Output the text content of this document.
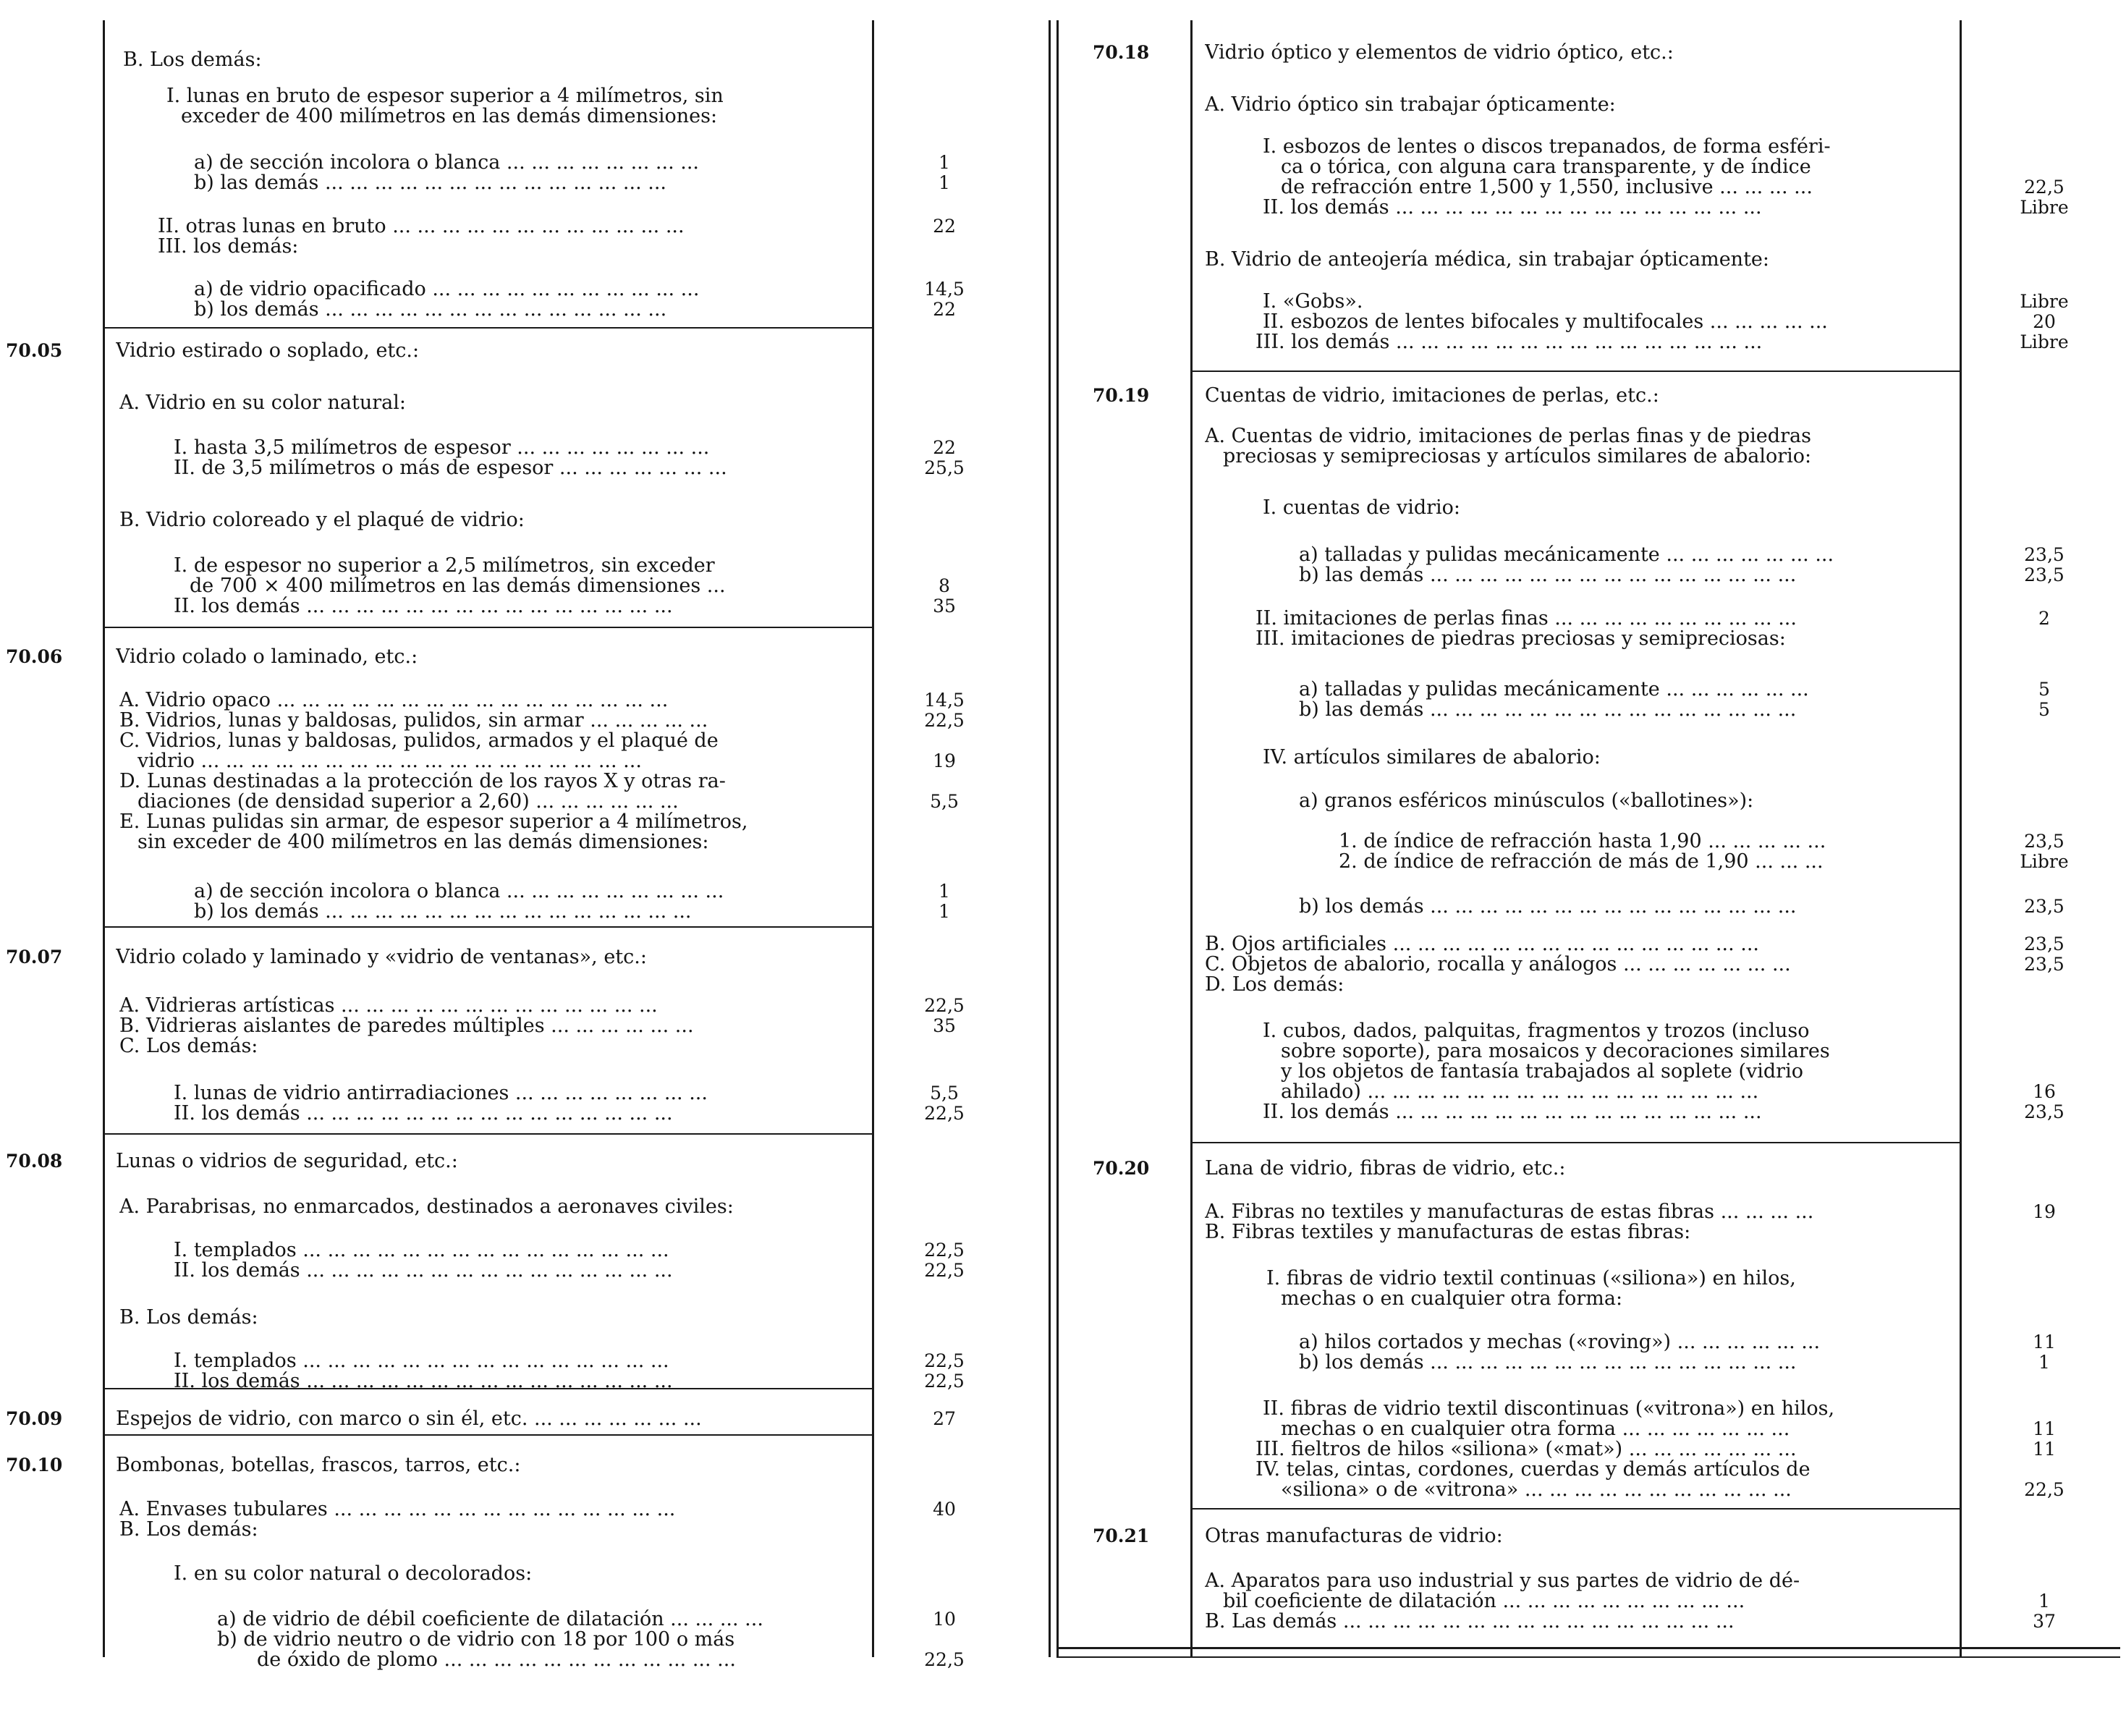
B. Los demás:
I. lunas en bruto de espesor superior a 4 milímetros, sin
exceder de 400 milímetros en las demás dimensiones:
a) de sección incolora o blanca ... ... ... ... ... ... ... ...	1
b) las demás ... ... ... ... ... ... ... ... ... ... ... ... ... ...	1
II. otras lunas en bruto ... ... ... ... ... ... ... ... ... ... ... ...	22
III. los demás:
a) de vidrio opacificado ... ... ... ... ... ... ... ... ... ... ...	14,5
b) los demás ... ... ... ... ... ... ... ... ... ... ... ... ... ...	22
70.05	Vidrio estirado o soplado, etc.:
A. Vidrio en su color natural:
I. hasta 3,5 milímetros de espesor ... ... ... ... ... ... ... ...	22
II. de 3,5 milímetros o más de espesor ... ... ... ... ... ... ...	25,5
B. Vidrio coloreado y el plaqué de vidrio:
I. de espesor no superior a 2,5 milímetros, sin exceder
de 700 × 400 milímetros en las demás dimensiones ...	8
II. los demás ... ... ... ... ... ... ... ... ... ... ... ... ... ... ...	35
70.06	Vidrio colado o laminado, etc.:
A. Vidrio opaco ... ... ... ... ... ... ... ... ... ... ... ... ... ... ... ...	14,5
B. Vidrios, lunas y baldosas, pulidos, sin armar ... ... ... ... ...	22,5
C. Vidrios, lunas y baldosas, pulidos, armados y el plaqué de
vidrio ... ... ... ... ... ... ... ... ... ... ... ... ... ... ... ... ... ...	19
D. Lunas destinadas a la protección de los rayos X y otras ra-
diaciones (de densidad superior a 2,60) ... ... ... ... ... ...	5,5
E. Lunas pulidas sin armar, de espesor superior a 4 milímetros,
sin exceder de 400 milímetros en las demás dimensiones:
a) de sección incolora o blanca ... ... ... ... ... ... ... ... ...	1
b) los demás ... ... ... ... ... ... ... ... ... ... ... ... ... ... ...	1
70.07	Vidrio colado y laminado y «vidrio de ventanas», etc.:
A. Vidrieras artísticas ... ... ... ... ... ... ... ... ... ... ... ... ...	22,5
B. Vidrieras aislantes de paredes múltiples ... ... ... ... ... ...	35
C. Los demás:
I. lunas de vidrio antirradiaciones ... ... ... ... ... ... ... ...	5,5
II. los demás ... ... ... ... ... ... ... ... ... ... ... ... ... ... ...	22,5
70.08	Lunas o vidrios de seguridad, etc.:
A. Parabrisas, no enmarcados, destinados a aeronaves civiles:
I. templados ... ... ... ... ... ... ... ... ... ... ... ... ... ... ...	22,5
II. los demás ... ... ... ... ... ... ... ... ... ... ... ... ... ... ...	22,5
B. Los demás:
I. templados ... ... ... ... ... ... ... ... ... ... ... ... ... ... ...	22,5
II. los demás ... ... ... ... ... ... ... ... ... ... ... ... ... ... ...	22,5
70.09	Espejos de vidrio, con marco o sin él, etc. ... ... ... ... ... ... ...	27
70.10	Bombonas, botellas, frascos, tarros, etc.:
A. Envases tubulares ... ... ... ... ... ... ... ... ... ... ... ... ... ...	40
B. Los demás:
I. en su color natural o decolorados:
a) de vidrio de débil coeficiente de dilatación ... ... ... ...	10
b) de vidrio neutro o de vidrio con 18 por 100 o más
de óxido de plomo ... ... ... ... ... ... ... ... ... ... ... ...	22,5
70.18	Vidrio óptico y elementos de vidrio óptico, etc.:
A. Vidrio óptico sin trabajar ópticamente:
I. esbozos de lentes o discos trepanados, de forma esféri-
ca o tórica, con alguna cara transparente, y de índice
de refracción entre 1,500 y 1,550, inclusive ... ... ... ...	22,5
II. los demás ... ... ... ... ... ... ... ... ... ... ... ... ... ... ...	Libre
B. Vidrio de anteojería médica, sin trabajar ópticamente:
I. «Gobs».	Libre
II. esbozos de lentes bifocales y multifocales ... ... ... ... ...	20
III. los demás ... ... ... ... ... ... ... ... ... ... ... ... ... ... ...	Libre
70.19	Cuentas de vidrio, imitaciones de perlas, etc.:
A. Cuentas de vidrio, imitaciones de perlas finas y de piedras
preciosas y semipreciosas y artículos similares de abalorio:
I. cuentas de vidrio:
a) talladas y pulidas mecánicamente ... ... ... ... ... ... ...	23,5
b) las demás ... ... ... ... ... ... ... ... ... ... ... ... ... ... ...	23,5
II. imitaciones de perlas finas ... ... ... ... ... ... ... ... ... ...	2
III. imitaciones de piedras preciosas y semipreciosas:
a) talladas y pulidas mecánicamente ... ... ... ... ... ...	5
b) las demás ... ... ... ... ... ... ... ... ... ... ... ... ... ... ...	5
IV. artículos similares de abalorio:
a) granos esféricos minúsculos («ballotines»):
1. de índice de refracción hasta 1,90 ... ... ... ... ...	23,5
2. de índice de refracción de más de 1,90 ... ... ...	Libre
b) los demás ... ... ... ... ... ... ... ... ... ... ... ... ... ... ...	23,5
B. Ojos artificiales ... ... ... ... ... ... ... ... ... ... ... ... ... ... ...	23,5
C. Objetos de abalorio, rocalla y análogos ... ... ... ... ... ... ...	23,5
D. Los demás:
I. cubos, dados, palquitas, fragmentos y trozos (incluso
sobre soporte), para mosaicos y decoraciones similares
y los objetos de fantasía trabajados al soplete (vidrio
ahilado) ... ... ... ... ... ... ... ... ... ... ... ... ... ... ... ...	16
II. los demás ... ... ... ... ... ... ... ... ... ... ... ... ... ... ...	23,5
70.20	Lana de vidrio, fibras de vidrio, etc.:
A. Fibras no textiles y manufacturas de estas fibras ... ... ... ...	19
B. Fibras textiles y manufacturas de estas fibras:
I. fibras de vidrio textil continuas («silionа») en hilos,
mechas o en cualquier otra forma:
a) hilos cortados y mechas («roving») ... ... ... ... ... ...	11
b) los demás ... ... ... ... ... ... ... ... ... ... ... ... ... ... ...	1
II. fibras de vidrio textil discontinuas («vitrona») en hilos,
mechas o en cualquier otra forma ... ... ... ... ... ... ...	11
III. fieltros de hilos «siliona» («mat») ... ... ... ... ... ... ...	11
IV. telas, cintas, cordones, cuerdas y demás artículos de
«siliona» o de «vitrona» ... ... ... ... ... ... ... ... ... ... ...	22,5
70.21	Otras manufacturas de vidrio:
A. Aparatos para uso industrial y sus partes de vidrio de dé-
bil coeficiente de dilatación ... ... ... ... ... ... ... ... ... ...	1
B. Las demás ... ... ... ... ... ... ... ... ... ... ... ... ... ... ... ...	37
